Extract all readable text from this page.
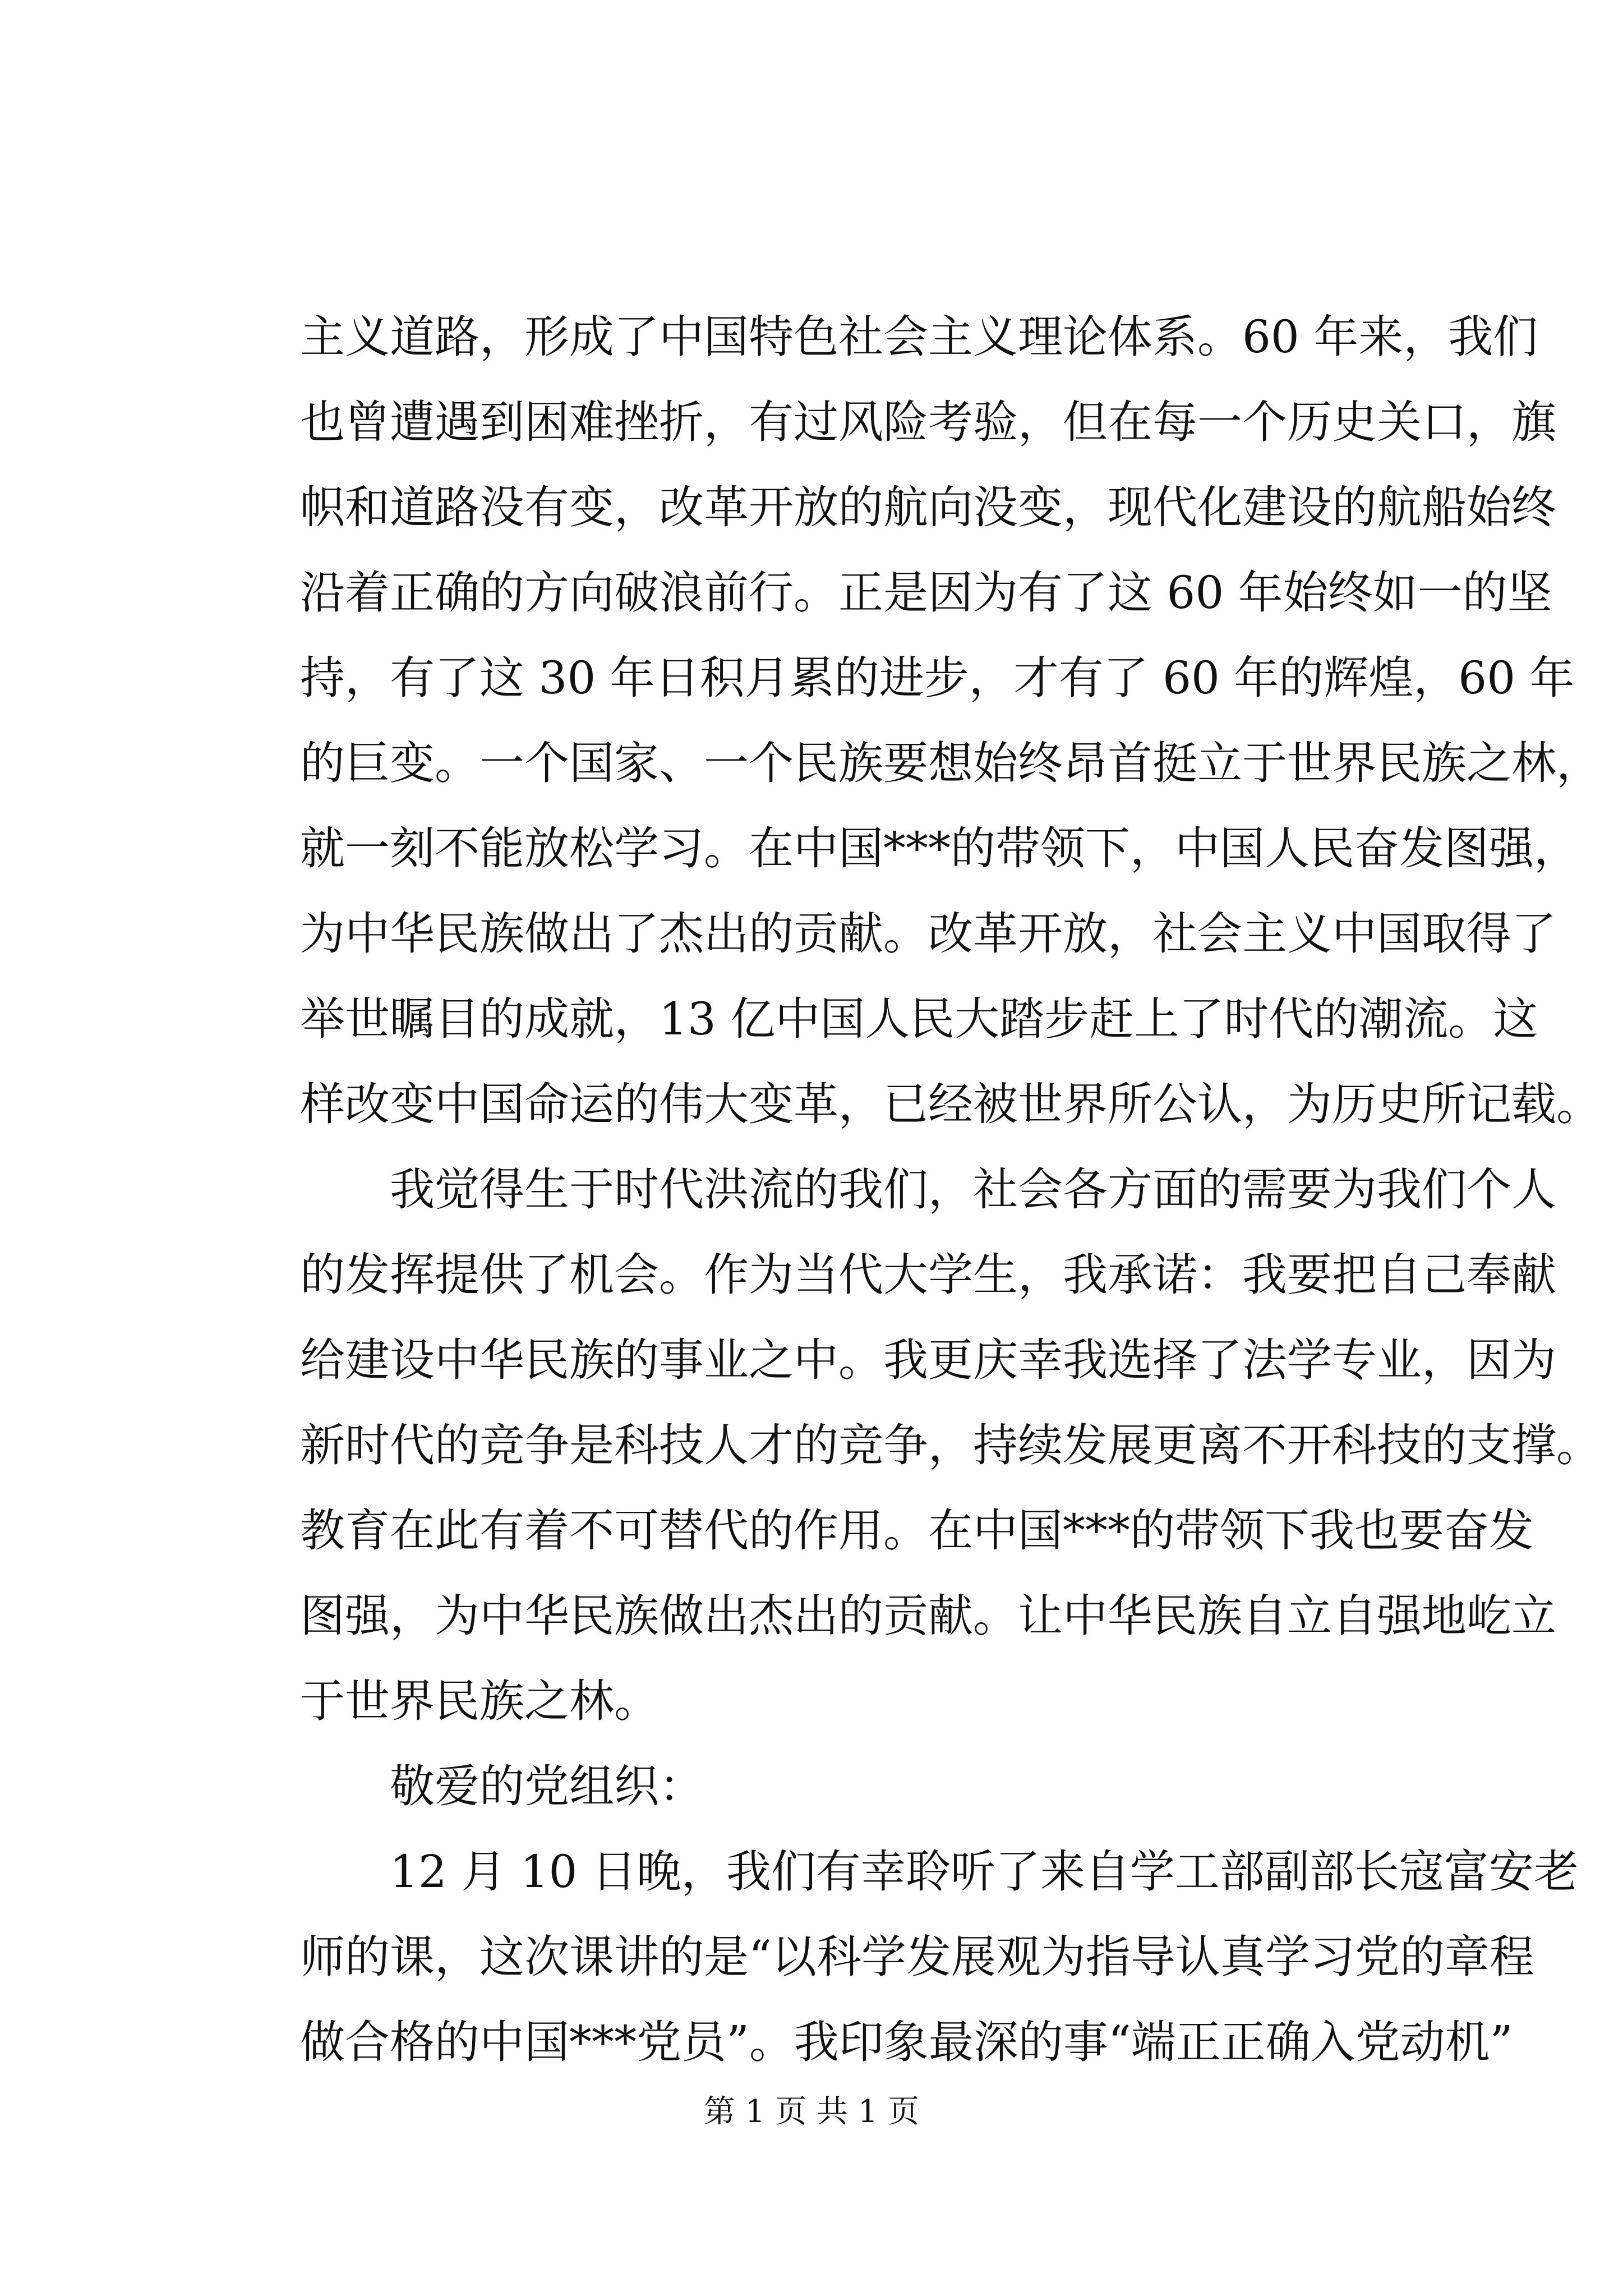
主义道路，形成了中国特色社会主义理论体系。60 年来，我们
也曾遭遇到困难挫折，有过风险考验，但在每一个历史关口，旗
帜和道路没有变，改革开放的航向没变，现代化建设的航船始终
沿着正确的方向破浪前行。正是因为有了这 60 年始终如一的坚
持，有了这 30 年日积月累的进步，才有了 60 年的辉煌，60 年
的巨变。一个国家、一个民族要想始终昂首挺立于世界民族之林，
就一刻不能放松学习。在中国***的带领下，中国人民奋发图强，
为中华民族做出了杰出的贡献。改革开放，社会主义中国取得了
举世瞩目的成就，13 亿中国人民大踏步赶上了时代的潮流。这
样改变中国命运的伟大变革，已经被世界所公认，为历史所记载。
我觉得生于时代洪流的我们，社会各方面的需要为我们个人
的发挥提供了机会。作为当代大学生，我承诺：我要把自己奉献
给建设中华民族的事业之中。我更庆幸我选择了法学专业，因为
新时代的竞争是科技人才的竞争，持续发展更离不开科技的支撑。
教育在此有着不可替代的作用。在中国***的带领下我也要奋发
图强，为中华民族做出杰出的贡献。让中华民族自立自强地屹立
于世界民族之林。
敬爱的党组织：
12 月 10 日晚，我们有幸聆听了来自学工部副部长寇富安老
师的课，这次课讲的是“以科学发展观为指导认真学习党的章程
做合格的中国***党员”。我印象最深的事“端正正确入党动机”
第 1 页 共 1 页
